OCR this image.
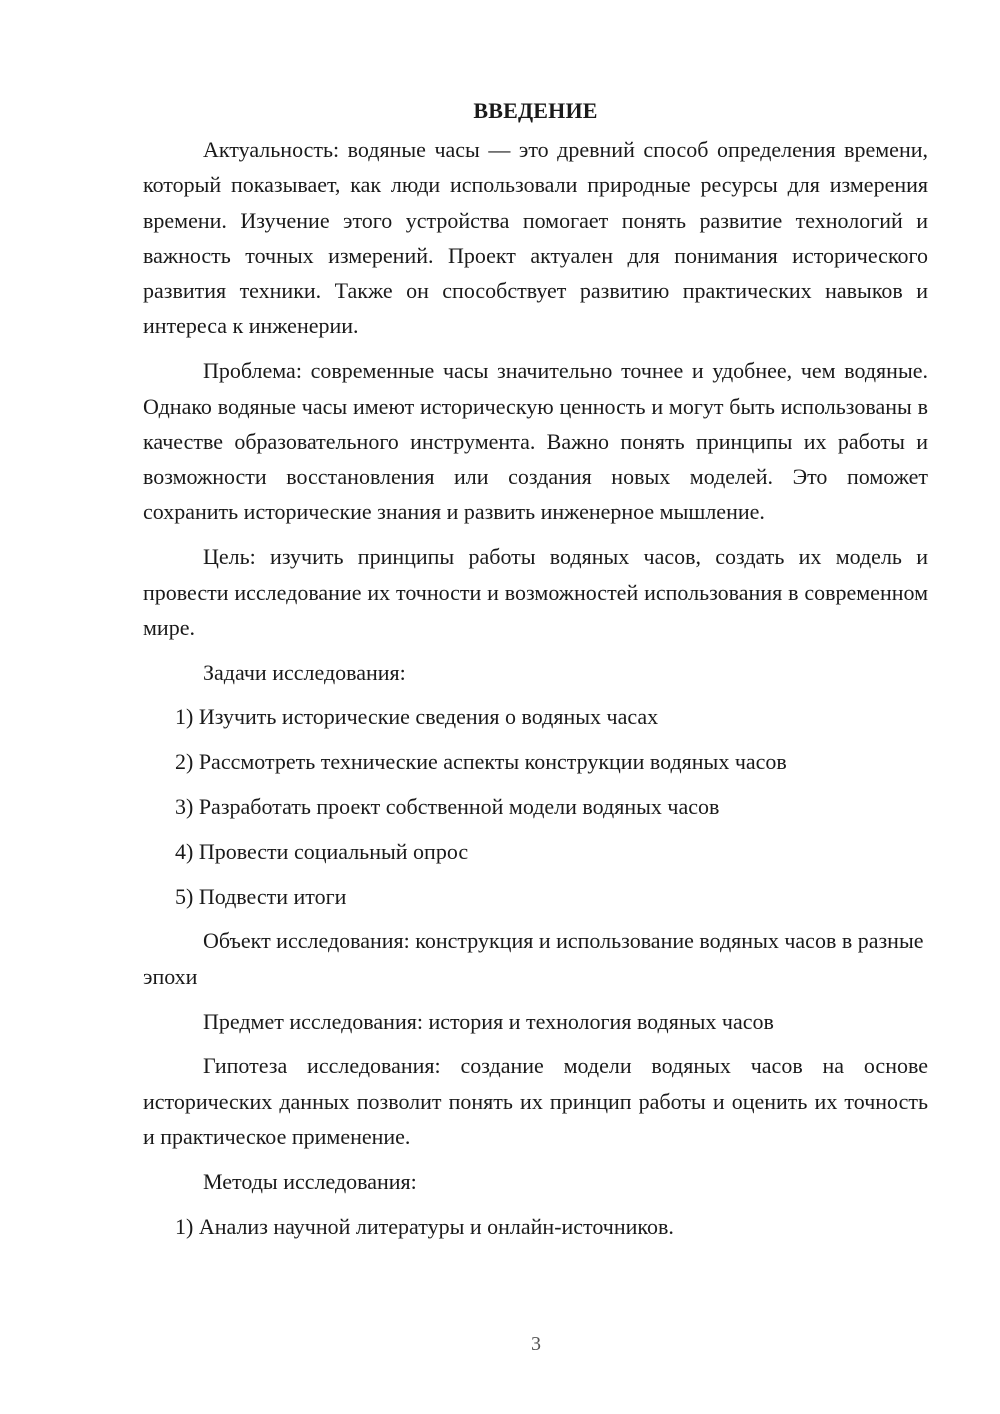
ВВЕДЕНИЕ

Актуальность: водяные часы — это древний способ определения времени, который показывает, как люди использовали природные ресурсы для измерения времени. Изучение этого устройства помогает понять развитие технологий и важность точных измерений. Проект актуален для понимания исторического развития техники. Также он способствует развитию практических навыков и интереса к инженерии.

Проблема: современные часы значительно точнее и удобнее, чем водяные. Однако водяные часы имеют историческую ценность и могут быть использованы в качестве образовательного инструмента. Важно понять принципы их работы и возможности восстановления или создания новых моделей. Это поможет сохранить исторические знания и развить инженерное мышление.

Цель: изучить принципы работы водяных часов, создать их модель и провести исследование их точности и возможностей использования в современном мире.

Задачи исследования:

1) Изучить исторические сведения о водяных часах

2) Рассмотреть технические аспекты конструкции водяных часов

3) Разработать проект собственной модели водяных часов

4) Провести социальный опрос

5) Подвести итоги

Объект исследования: конструкция и использование водяных часов в разные эпохи

Предмет исследования: история и технология водяных часов

Гипотеза исследования: создание модели водяных часов на основе исторических данных позволит понять их принцип работы и оценить их точность и практическое применение.

Методы исследования:

1) Анализ научной литературы и онлайн-источников.

3
